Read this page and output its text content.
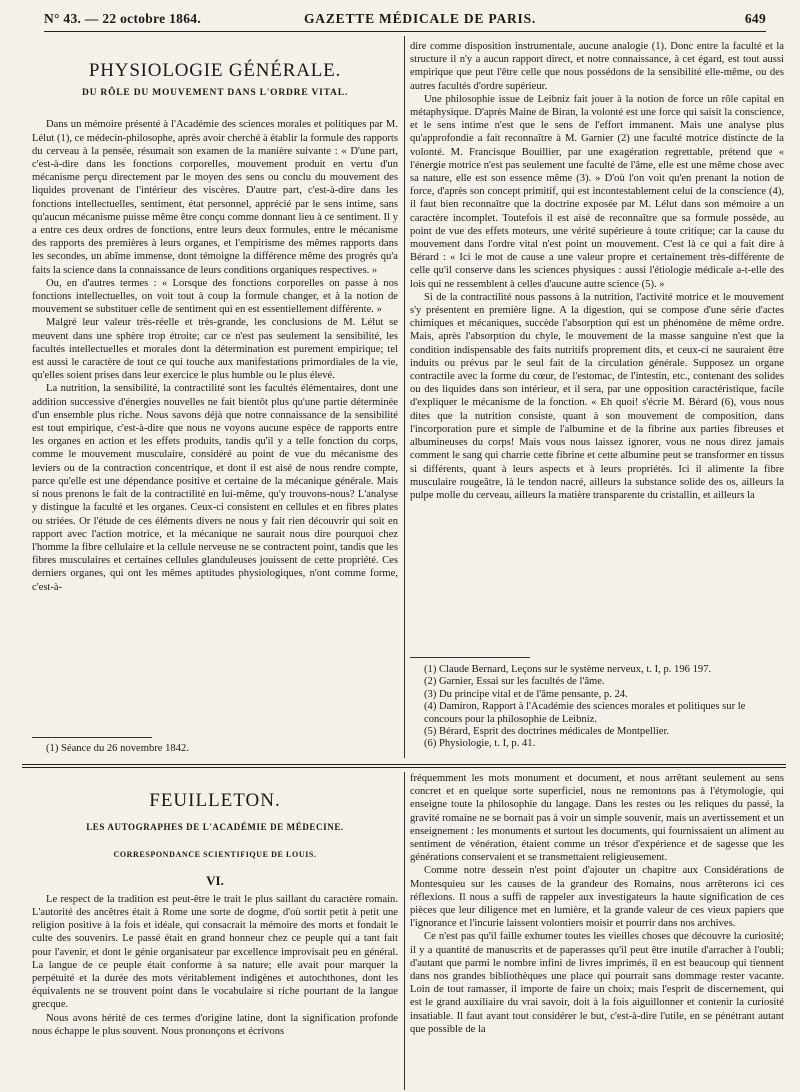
N° 43. — 22 octobre 1864.	GAZETTE MÉDICALE DE PARIS.	649
PHYSIOLOGIE GÉNÉRALE.
DU RÔLE DU MOUVEMENT DANS L'ORDRE VITAL.

Dans un mémoire présenté à l'Académie des sciences morales et politiques par M. Lélut (1), ce médecin-philosophe, après avoir cherché à établir la formule des rapports du cerveau à la pensée, résumait son examen de la manière suivante : « D'une part, c'est-à-dire dans les fonctions corporelles, mouvement produit en vertu d'un mécanisme perçu directement par le moyen des sens ou conclu du mouvement des liquides provenant de l'intérieur des viscères. D'autre part, c'est-à-dire dans les fonctions intellectuelles, sentiment, état personnel, apprécié par le sens intime, sans qu'aucun mécanisme puisse même être conçu comme donnant lieu à ce sentiment. Il y a entre ces deux ordres de fonctions, entre leurs deux formules, entre le mécanisme des rapports des premières à leurs organes, et l'empirisme des mêmes rapports dans les secondes, un abîme immense, dont témoigne la différence même des progrès qu'a faits la science dans la connaissance de leurs conditions organiques respectives. »

Ou, en d'autres termes : « Lorsque des fonctions corporelles on passe à nos fonctions intellectuelles, on voit tout à coup la formule changer, et à la notion de mouvement se substituer celle de sentiment qui en est essentiellement différente. »

Malgré leur valeur très-réelle et très-grande, les conclusions de M. Lélut se meuvent dans une sphère trop étroite; car ce n'est pas seulement la sensibilité, les facultés intellectuelles et morales dont la détermination est purement empirique; tel est aussi le caractère de tout ce qui touche aux manifestations primordiales de la vie, qu'elles soient prises dans leur exercice le plus humble ou le plus élevé.

La nutrition, la sensibilité, la contractilité sont les facultés élémentaires, dont une addition successive d'énergies nouvelles ne fait bientôt plus qu'une partie déterminée d'un ensemble plus riche. Nous savons déjà que notre connaissance de la sensibilité est tout empirique, c'est-à-dire que nous ne voyons aucune espèce de rapports entre les organes en action et les effets produits, tandis qu'il y a telle fonction du corps, comme le mouvement musculaire, considéré au point de vue du mécanisme des leviers ou de la contraction concentrique, et dont il est aisé de nous rendre compte, parce qu'elle est une dépendance positive et certaine de la mécanique générale. Mais si nous prenons le fait de la contractilité en lui-même, qu'y trouvons-nous? L'analyse y distingue la faculté et les organes. Ceux-ci consistent en cellules et en fibres plates ou striées. Or l'étude de ces éléments divers ne nous y fait rien découvrir qui soit en rapport avec l'action motrice, et la mécanique ne saurait nous dire pourquoi chez l'homme la fibre cellulaire et la cellule nerveuse ne se contractent point, tandis que les fibres musculaires et certaines cellules glanduleuses jouissent de cette propriété. Ces derniers organes, qui ont les mêmes aptitudes physiologiques, n'ont comme forme, c'est-à-

(1) Séance du 26 novembre 1842.

dire comme disposition instrumentale, aucune analogie (1). Donc entre la faculté et la structure il n'y a aucun rapport direct, et notre connaissance, à cet égard, est tout aussi empirique que peut l'être celle que nous possédons de la sensibilité elle-même, ou des autres facultés d'ordre supérieur.

Une philosophie issue de Leibniz fait jouer à la notion de force un rôle capital en métaphysique. D'après Maine de Biran, la volonté est une force qui saisit la conscience, et le sens intime n'est que le sens de l'effort immanent. Mais une analyse plus qu'approfondie a fait reconnaître à M. Garnier (2) une faculté motrice distincte de la volonté. M. Francisque Bouillier, par une exagération regrettable, prétend que « l'énergie motrice n'est pas seulement une faculté de l'âme, elle est une même chose avec sa nature, elle est son essence même (3). » D'où l'on voit qu'en prenant la notion de force, d'après son concept primitif, qui est incontestablement celui de la conscience (4), il faut bien reconnaître que la doctrine exposée par M. Lélut dans son mémoire a un caractère incomplet. Toutefois il est aisé de reconnaître que sa formule possède, au point de vue des effets moteurs, une vérité supérieure à toute critique; car la cause du mouvement dans l'ordre vital n'est point un mouvement. C'est là ce qui a fait dire à Bérard : « Ici le mot de cause a une valeur propre et certainement très-différente de celle qu'il conserve dans les sciences physiques : aussi l'étiologie médicale a-t-elle des lois qui ne ressemblent à celles d'aucune autre science (5). »

Si de la contractilité nous passons à la nutrition, l'activité motrice et le mouvement s'y présentent en première ligne. A la digestion, qui se compose d'une série d'actes chimiques et mécaniques, succède l'absorption qui est un phénomène de même ordre. Mais, après l'absorption du chyle, le mouvement de la masse sanguine n'est que la condition indispensable des faits nutritifs proprement dits, et ceux-ci ne sauraient être induits ou prévus par le seul fait de la circulation générale. Supposez un organe contractile avec la forme du cœur, de l'estomac, de l'intestin, etc., contenant des solides ou des liquides dans son intérieur, et il sera, par une opposition caractéristique, facile d'expliquer le mécanisme de la fonction. « Eh quoi! s'écrie M. Bérard (6), vous nous dites que la nutrition consiste, quant à son mouvement de composition, dans l'incorporation pure et simple de l'albumine et de la fibrine aux parties fibreuses et albumineuses du corps! Mais vous nous laissez ignorer, vous ne nous direz jamais comment le sang qui charrie cette fibrine et cette albumine peut se transformer en tissus si différents, quant à leurs aspects et à leurs propriétés. Ici il alimente la fibre musculaire rougeâtre, là le tendon nacré, ailleurs la substance solide des os, ailleurs la pulpe molle du cerveau, ailleurs la matière transparente du cristallin, et ailleurs la

(1) Claude Bernard, Leçons sur le système nerveux, t. I, p. 196 197.
(2) Garnier, Essai sur les facultés de l'âme.
(3) Du principe vital et de l'âme pensante, p. 24.
(4) Damiron, Rapport à l'Académie des sciences morales et politiques sur le concours pour la philosophie de Leibniz.
(5) Bérard, Esprit des doctrines médicales de Montpellier.
(6) Physiologie, t. I, p. 41.
FEUILLETON.
LES AUTOGRAPHES DE L'ACADÉMIE DE MÉDECINE.
CORRESPONDANCE SCIENTIFIQUE DE LOUIS.
VI.

Le respect de la tradition est peut-être le trait le plus saillant du caractère romain. L'autorité des ancêtres était à Rome une sorte de dogme, d'où sortit petit à petit une religion positive à la fois et idéale, qui consacrait la mémoire des morts et fondait le culte des souvenirs. Le passé était en grand honneur chez ce peuple qui a tant fait pour l'avenir, et dont le génie organisateur par excellence improvisait peu en général. La langue de ce peuple était conforme à sa nature; elle avait pour marquer la perpétuité et la durée des mots véritablement indigènes et autochthones, dont les équivalents ne se trouvent point dans le vocabulaire si riche pourtant de la langue grecque.

Nous avons hérité de ces termes d'origine latine, dont la signification profonde nous échappe le plus souvent. Nous prononçons et écrivons

fréquemment les mots monument et document, et nous arrêtant seulement au sens concret et en quelque sorte superficiel, nous ne remontons pas à l'étymologie, qui enseigne toute la philosophie du langage. Dans les restes ou les reliques du passé, la gravité romaine ne se bornait pas à voir un simple souvenir, mais un avertissement et un enseignement : les monuments et surtout les documents, qui fournissaient un aliment au sentiment de vénération, étaient comme un trésor d'expérience et de sagesse que les générations conservaient et se transmettaient religieusement.

Comme notre dessein n'est point d'ajouter un chapitre aux Considérations de Montesquieu sur les causes de la grandeur des Romains, nous arrêterons ici ces réflexions. Il nous a suffi de rappeler aux investigateurs la haute signification de ces pièces que leur diligence met en lumière, et la grande valeur de ces vieux papiers que l'ignorance et l'incurie laissent volontiers moisir et pourrir dans nos archives.

Ce n'est pas qu'il faille exhumer toutes les vieilles choses que découvre la curiosité; il y a quantité de manuscrits et de paperasses qu'il peut être inutile d'arracher à l'oubli; d'autant que parmi le nombre infini de livres imprimés, il en est beaucoup qui tiennent dans nos grandes bibliothèques une place qui pourrait sans dommage rester vacante. Loin de tout ramasser, il importe de faire un choix; mais l'esprit de discernement, qui est le grand auxiliaire du vrai savoir, doit à la fois aiguillonner et contenir la curiosité insatiable. Il faut avant tout considérer le but, c'est-à-dire l'utile, en se pénétrant autant que possible de la
